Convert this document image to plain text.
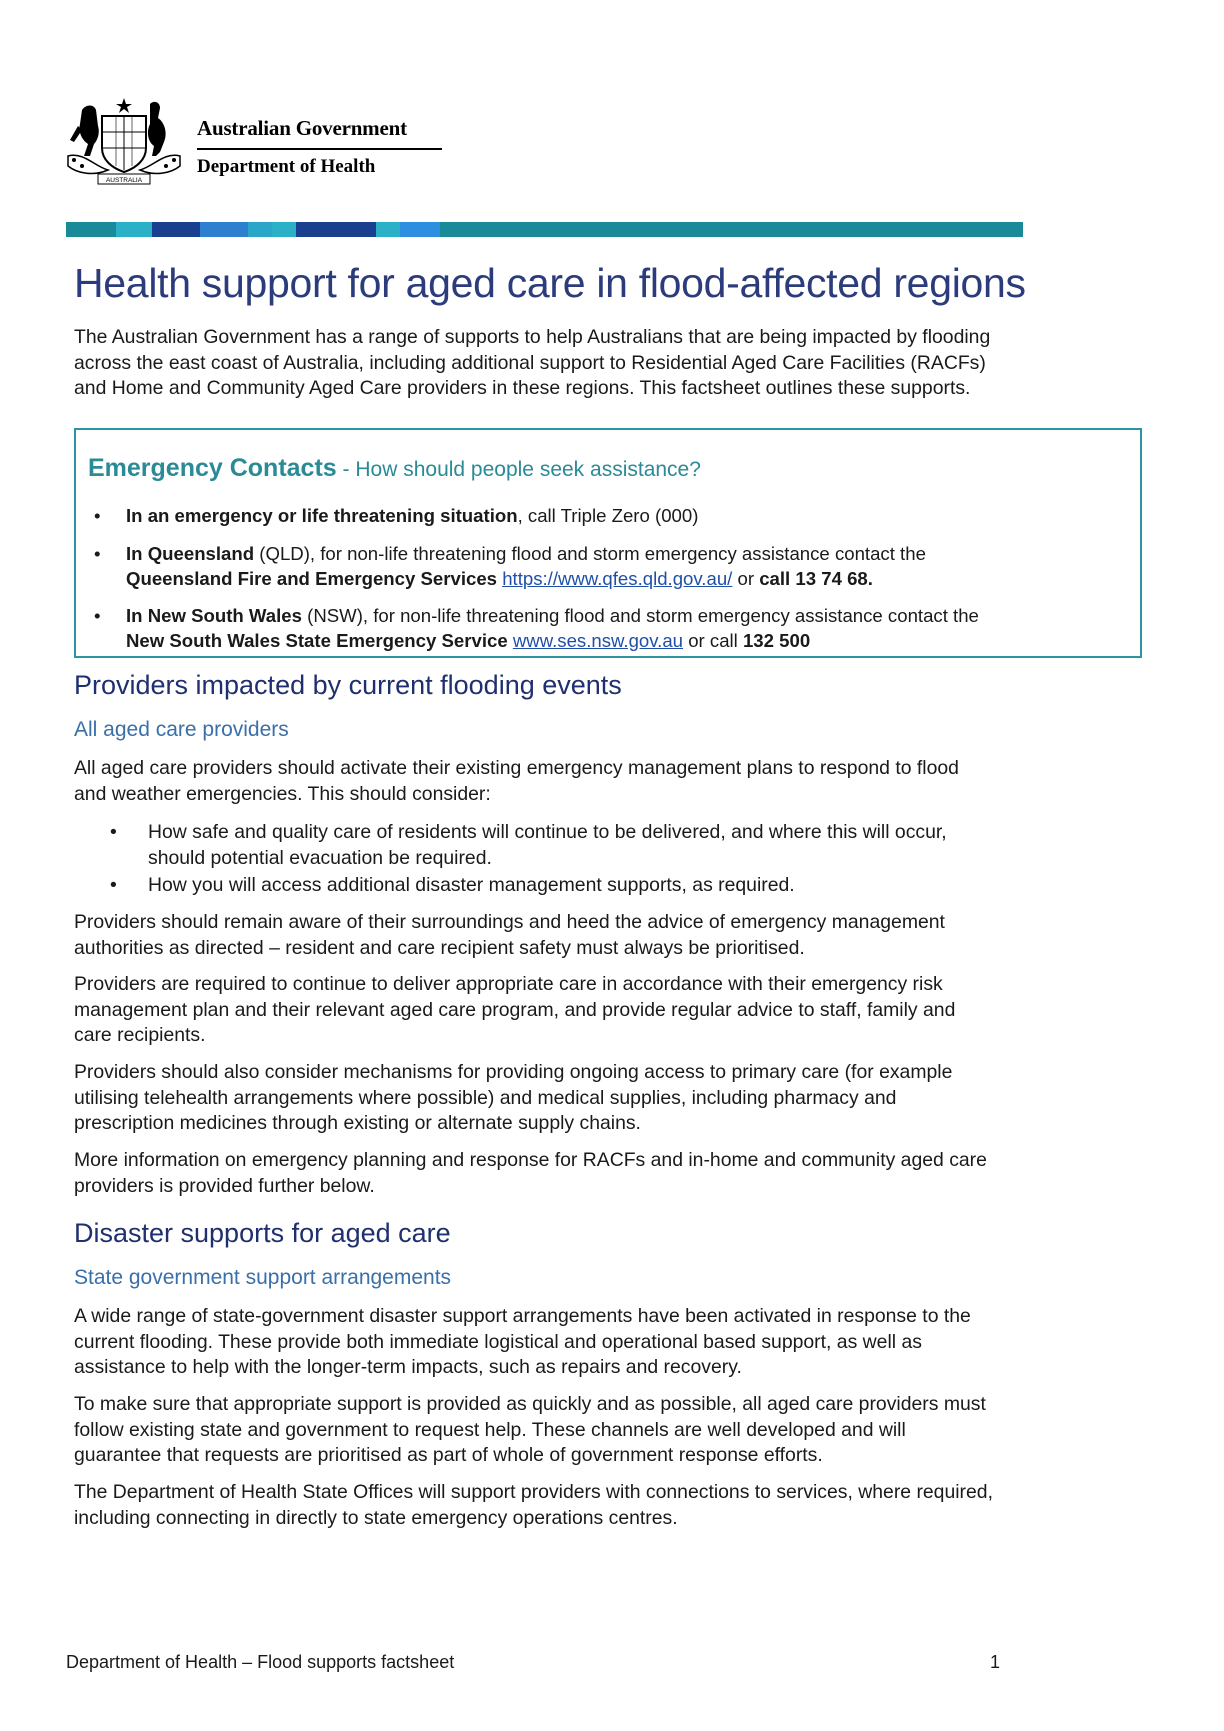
AUSTRALIA
Australian Government
Department of Health
Health support for aged care in flood-affected regions

The Australian Government has a range of supports to help Australians that are being impacted by flooding
across the east coast of Australia, including additional support to Residential Aged Care Facilities (RACFs)
and Home and Community Aged Care providers in these regions. This factsheet outlines these supports.

Emergency Contacts - How should people seek assistance?
• In an emergency or life threatening situation, call Triple Zero (000)
• In Queensland (QLD), for non-life threatening flood and storm emergency assistance contact the
Queensland Fire and Emergency Services https://www.qfes.qld.gov.au/ or call 13 74 68.
• In New South Wales (NSW), for non-life threatening flood and storm emergency assistance contact the
New South Wales State Emergency Service www.ses.nsw.gov.au or call 132 500
Providers impacted by current flooding events
All aged care providers

All aged care providers should activate their existing emergency management plans to respond to flood
and weather emergencies. This should consider:

• How safe and quality care of residents will continue to be delivered, and where this will occur,
should potential evacuation be required.
• How you will access additional disaster management supports, as required.

Providers should remain aware of their surroundings and heed the advice of emergency management
authorities as directed – resident and care recipient safety must always be prioritised.

Providers are required to continue to deliver appropriate care in accordance with their emergency risk
management plan and their relevant aged care program, and provide regular advice to staff, family and
care recipients.

Providers should also consider mechanisms for providing ongoing access to primary care (for example
utilising telehealth arrangements where possible) and medical supplies, including pharmacy and
prescription medicines through existing or alternate supply chains.

More information on emergency planning and response for RACFs and in-home and community aged care
providers is provided further below.

Disaster supports for aged care
State government support arrangements

A wide range of state-government disaster support arrangements have been activated in response to the
current flooding. These provide both immediate logistical and operational based support, as well as
assistance to help with the longer-term impacts, such as repairs and recovery.

To make sure that appropriate support is provided as quickly and as possible, all aged care providers must
follow existing state and government to request help. These channels are well developed and will
guarantee that requests are prioritised as part of whole of government response efforts.

The Department of Health State Offices will support providers with connections to services, where required,
including connecting in directly to state emergency operations centres.

Department of Health – Flood supports factsheet	1
